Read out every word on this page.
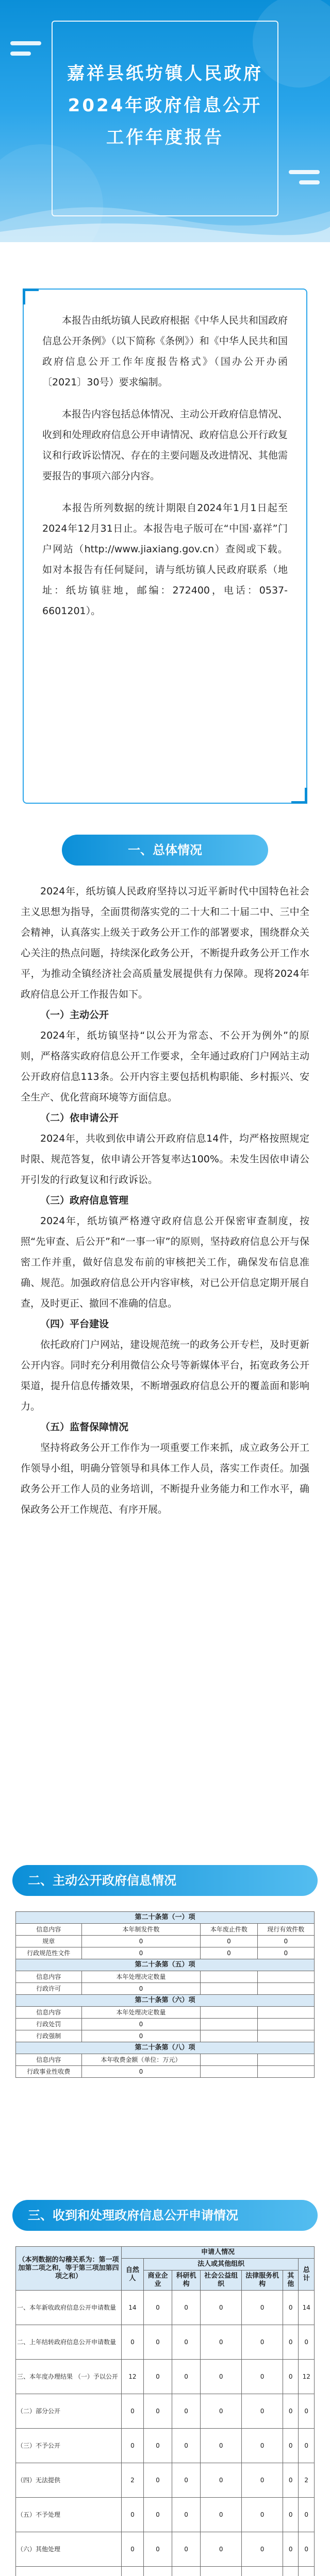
嘉祥县纸坊镇人民政府
2024年政府信息公开
工作年度报告

本报告由纸坊镇人民政府根据《中华人民共和国政府信息公开条例》（以下简称《条例》）和《中华人民共和国政府信息公开工作年度报告格式》（国办公开办函〔2021〕30号）要求编制。

本报告内容包括总体情况、主动公开政府信息情况、收到和处理政府信息公开申请情况、政府信息公开行政复议和行政诉讼情况、存在的主要问题及改进情况、其他需要报告的事项六部分内容。

本报告所列数据的统计期限自2024年1月1日起至2024年12月31日止。本报告电子版可在“中国·嘉祥”门户网站（http://www.jiaxiang.gov.cn）查阅或下载。如对本报告有任何疑问，请与纸坊镇人民政府联系（地址：纸坊镇驻地，邮编：272400，电话：0537-6601201）。

一、总体情况

2024年，纸坊镇人民政府坚持以习近平新时代中国特色社会主义思想为指导，全面贯彻落实党的二十大和二十届二中、三中全会精神，认真落实上级关于政务公开工作的部署要求，围绕群众关心关注的热点问题，持续深化政务公开，不断提升政务公开工作水平，为推动全镇经济社会高质量发展提供有力保障。现将2024年政府信息公开工作报告如下。

（一）主动公开

2024年，纸坊镇坚持“以公开为常态、不公开为例外”的原则，严格落实政府信息公开工作要求，全年通过政府门户网站主动公开政府信息113条。公开内容主要包括机构职能、乡村振兴、安全生产、优化营商环境等方面信息。

（二）依申请公开

2024年，共收到依申请公开政府信息14件，均严格按照规定时限、规范答复，依申请公开答复率达100%。未发生因依申请公开引发的行政复议和行政诉讼。

（三）政府信息管理

2024年，纸坊镇严格遵守政府信息公开保密审查制度，按照“先审查、后公开”和“一事一审”的原则，坚持政府信息公开与保密工作并重，做好信息发布前的审核把关工作，确保发布信息准确、规范。加强政府信息公开内容审核，对已公开信息定期开展自查，及时更正、撤回不准确的信息。

（四）平台建设

依托政府门户网站，建设规范统一的政务公开专栏，及时更新公开内容。同时充分利用微信公众号等新媒体平台，拓宽政务公开渠道，提升信息传播效果，不断增强政府信息公开的覆盖面和影响力。

（五）监督保障情况

坚持将政务公开工作作为一项重要工作来抓，成立政务公开工作领导小组，明确分管领导和具体工作人员，落实工作责任。加强政务公开工作人员的业务培训，不断提升业务能力和工作水平，确保政务公开工作规范、有序开展。

二、主动公开政府信息情况
第二十条第（一）项			
信息内容	本年制发件数	本年废止件数	现行有效件数
规章	0	0	0
行政规范性文件	0	0	0
第二十条第（五）项			
信息内容	本年处理决定数量		
行政许可	0		
第二十条第（六）项			
信息内容	本年处理决定数量		
行政处罚	0		
行政强制	0		
第二十条第（八）项			
信息内容	本年收费金额（单位：万元）		
行政事业性收费	0		
三、收到和处理政府信息公开申请情况
（本列数据的勾稽关系为：第一项加第二项之和，等于第三项加第四项之和）	申请人情况						
	自然人	法人或其他组织					总计
		商业企业	科研机构	社会公益组织	法律服务机构	其他	
一、本年新收政府信息公开申请数量	14	0	0	0	0	0	14
二、上年结转政府信息公开申请数量	0	0	0	0	0	0	0
三、本年度办理结果 （一）予以公开	12	0	0	0	0	0	12
（二）部分公开	0	0	0	0	0	0	0
（三）不予公开	0	0	0	0	0	0	0
（四）无法提供	2	0	0	0	0	0	2
（五）不予处理	0	0	0	0	0	0	0
（六）其他处理	0	0	0	0	0	0	0
